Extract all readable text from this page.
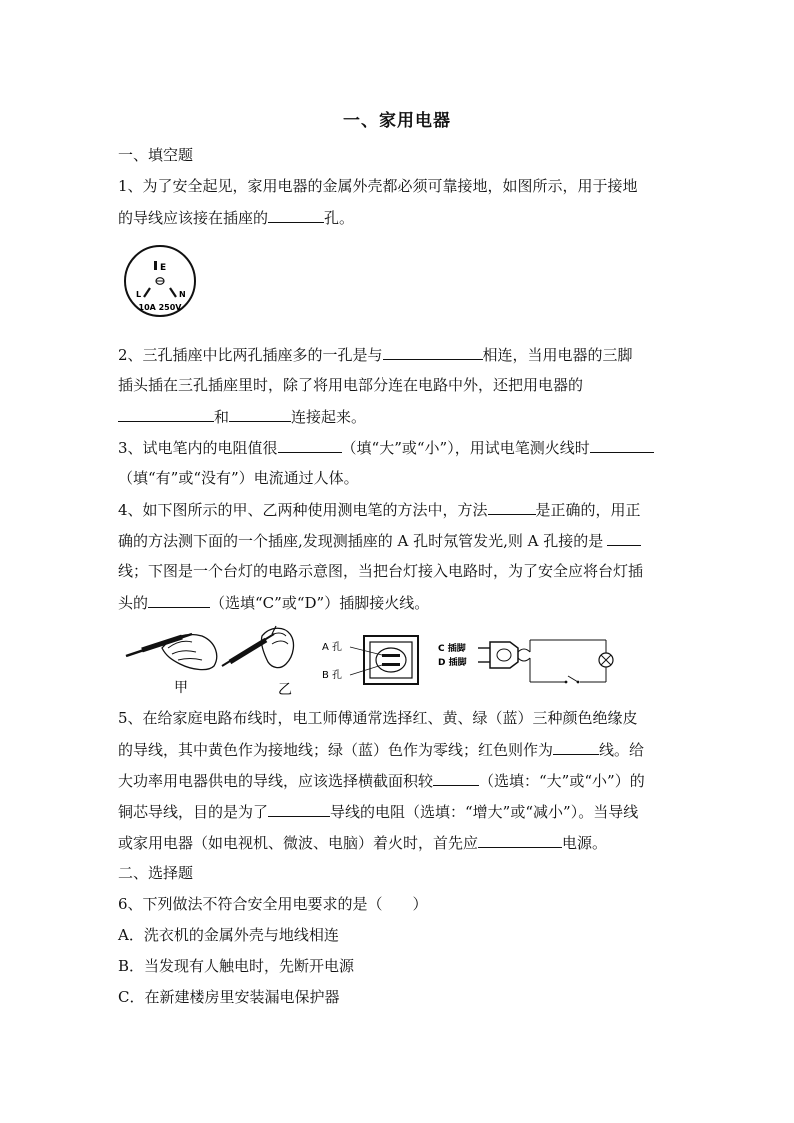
一、家用电器
一、填空题
1、为了安全起见，家用电器的金属外壳都必须可靠接地，如图所示，用于接地
的导线应该接在插座的	孔。
E
L	N
10A 250V
2、三孔插座中比两孔插座多的一孔是与	相连，当用电器的三脚
插头插在三孔插座里时，除了将用电部分连在电路中外，还把用电器的
和	连接起来。
3、试电笔内的电阻值很	（填“大”或“小”），用试电笔测火线时
（填“有”或“没有”）电流通过人体。
4、如下图所示的甲、乙两种使用测电笔的方法中，方法	是正确的，用正
确的方法测下面的一个插座,发现测插座的 A 孔时氖管发光,则 A 孔接的是
线；下图是一个台灯的电路示意图，当把台灯接入电路时，为了安全应将台灯插
头的	（选填“C”或“D”）插脚接火线。
甲	乙
A 孔
B 孔
C 插脚
D 插脚
5、在给家庭电路布线时，电工师傅通常选择红、黄、绿（蓝）三种颜色绝缘皮
的导线，其中黄色作为接地线；绿（蓝）色作为零线；红色则作为	线。给
大功率用电器供电的导线，应该选择横截面积较	（选填：“大”或“小”）的
铜芯导线，目的是为了	导线的电阻（选填：“增大”或“减小”）。当导线
或家用电器（如电视机、微波、电脑）着火时，首先应	电源。
二、选择题
6、下列做法不符合安全用电要求的是（　　）
A．洗衣机的金属外壳与地线相连
B．当发现有人触电时，先断开电源
C．在新建楼房里安装漏电保护器
